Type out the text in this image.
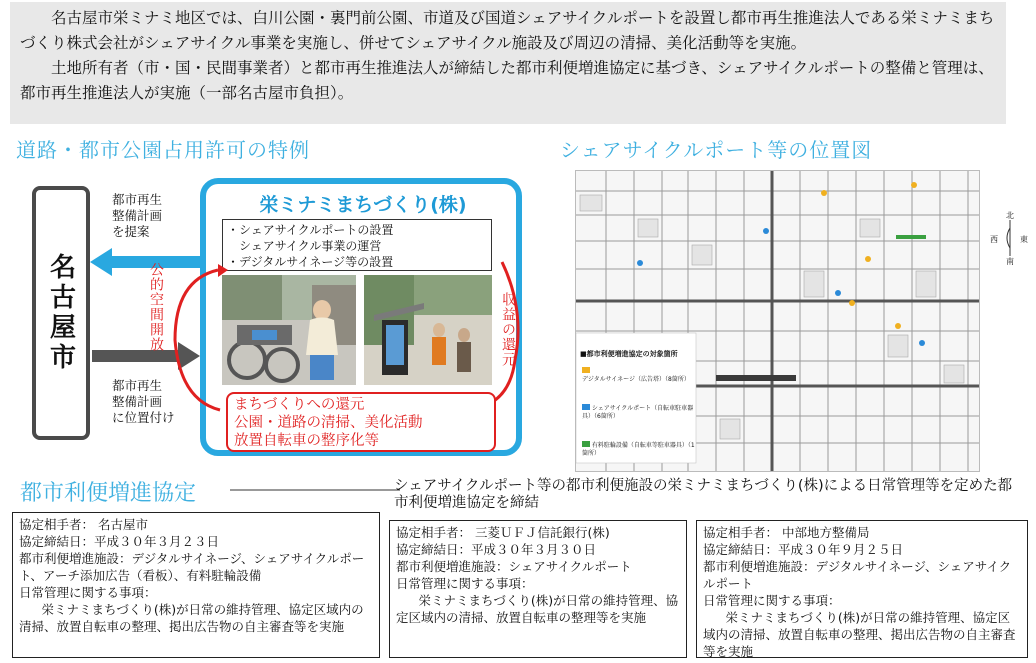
名古屋市栄ミナミ地区では、白川公園・裏門前公園、市道及び国道シェアサイクルポートを設置し都市再生推進法人である栄ミナミまちづくり株式会社がシェアサイクル事業を実施し、併せてシェアサイクル施設及び周辺の清掃、美化活動等を実施。

土地所有者（市・国・民間事業者）と都市再生推進法人が締結した都市利便増進協定に基づき、シェアサイクルポートの整備と管理は、都市再生推進法人が実施（一部名古屋市負担）。

道路・都市公園占用許可の特例
名古屋市
都市再生
整備計画
を提案
都市再生
整備計画
に位置付け
公的空間開放
栄ミナミまちづくり(株)
・シェアサイクルポートの設置
　シェアサイクル事業の運営
・デジタルサイネージ等の設置
収益の還元
まちづくりへの還元
公園・道路の清掃、美化活動
放置自転車の整序化等
シェアサイクルポート等の位置図
■都市利便増進協定の対象箇所
デジタルサイネージ（広告塔）（8箇所）
シェアサイクルポート（自転車駐車器具）（6箇所）
有料駐輪設備（自転車等駐車器具）（1箇所）
北
西	東
南
都市利便増進協定	シェアサイクルポート等の都市利便施設の栄ミナミまちづくり(株)による日常管理等を定めた都市利便増進協定を締結
協定相手者： 名古屋市
協定締結日：平成３０年３月２３日
都市利便増進施設：デジタルサイネージ、シェアサイクルポート、アーチ添加広告（看板）、有料駐輪設備
日常管理に関する事項：
栄ミナミまちづくり(株)が日常の維持管理、協定区域内の清掃、放置自転車の整理、掲出広告物の自主審査等を実施
協定相手者： 三菱ＵＦＪ信託銀行(株)
協定締結日：平成３０年３月３０日
都市利便増進施設：シェアサイクルポート
日常管理に関する事項：
栄ミナミまちづくり(株)が日常の維持管理、協定区域内の清掃、放置自転車の整理等を実施
協定相手者： 中部地方整備局
協定締結日：平成３０年９月２５日
都市利便増進施設：デジタルサイネージ、シェアサイクルポート
日常管理に関する事項：
栄ミナミまちづくり(株)が日常の維持管理、協定区域内の清掃、放置自転車の整理、掲出広告物の自主審査等を実施
